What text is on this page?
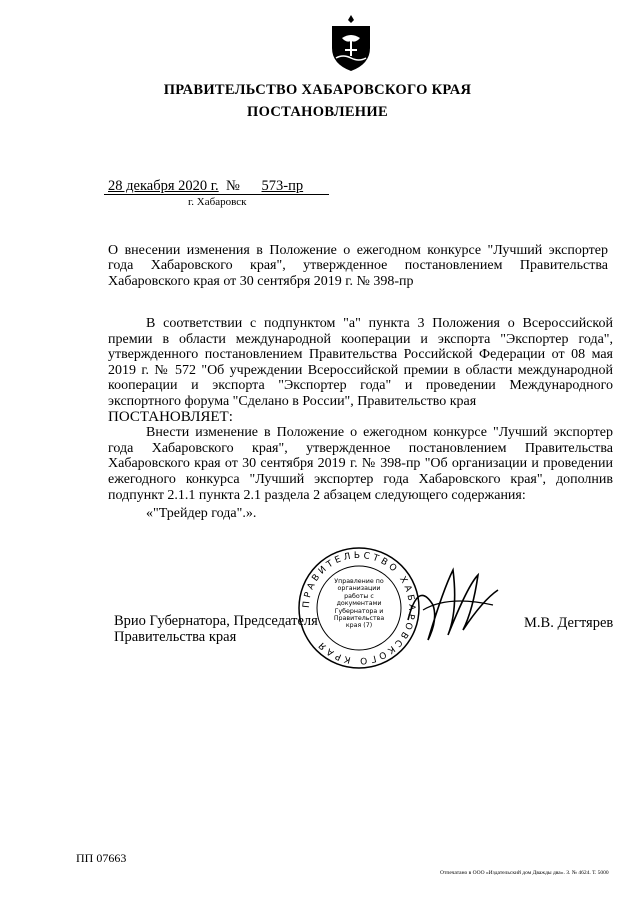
ПРАВИТЕЛЬСТВО ХАБАРОВСКОГО КРАЯ
ПОСТАНОВЛЕНИЕ
28 декабря 2020 г. № 573-пр
г. Хабаровск
О внесении изменения в Положение о ежегодном конкурсе "Лучший экспортер года Хабаровского края", утвержденное постановлением Правительства Хабаровского края от 30 сентября 2019 г. № 398-пр

В соответствии с подпунктом "а" пункта 3 Положения о Всероссийской премии в области международной кооперации и экспорта "Экспортер года", утвержденного постановлением Правительства Российской Федерации от 08 мая 2019 г. № 572 "Об учреждении Всероссийской премии в области международной кооперации и экспорта "Экспортер года" и проведении Международного экспортного форума "Сделано в России", Правительство края

ПОСТАНОВЛЯЕТ:

Внести изменение в Положение о ежегодном конкурсе "Лучший экспортер года Хабаровского края", утвержденное постановлением Правительства Хабаровского края от 30 сентября 2019 г. № 398-пр "Об организации и проведении ежегодного конкурса "Лучший экспортер года Хабаровского края", дополнив подпункт 2.1.1 пункта 2.1 раздела 2 абзацем следующего содержания:

«"Трейдер года".».

ПРАВИТЕЛЬСТВО ХАБАРОВСКОГО КРАЯ
Управление по организации работы с документами Губернатора и Правительства края (7)
Врио Губернатора, Председателя
Правительства края
М.В. Дегтярев
ПП 07663
Отпечатано в ООО «Издательский дом Дважды два». З. № 4624. Т. 5000
